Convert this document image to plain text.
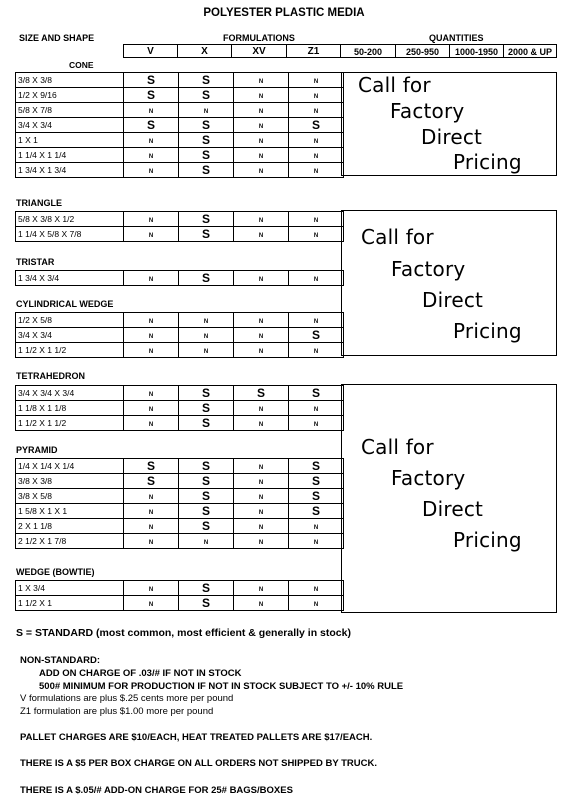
POLYESTER PLASTIC MEDIA
SIZE AND SHAPE	FORMULATIONS	QUANTITIES
V	X	XV	Z1	50-200	250-950	1000-1950	2000 & UP
CONE
3/8 X 3/8	S	S	N	N
1/2 X 9/16	S	S	N	N
5/8 X 7/8	N	N	N	N
3/4 X 3/4	S	S	N	S
1 X 1	N	S	N	N
1 1/4 X 1 1/4	N	S	N	N
1 3/4 X 1 3/4	N	S	N	N
TRIANGLE
5/8 X 3/8 X 1/2	N	S	N	N
1 1/4 X 5/8 X 7/8	N	S	N	N
TRISTAR
1 3/4 X 3/4	N	S	N	N
CYLINDRICAL WEDGE
1/2 X 5/8	N	N	N	N
3/4 X 3/4	N	N	N	S
1 1/2 X 1 1/2	N	N	N	N
TETRAHEDRON
3/4 X 3/4 X 3/4	N	S	S	S
1 1/8 X 1 1/8	N	S	N	N
1 1/2 X 1 1/2	N	S	N	N
PYRAMID
1/4 X 1/4 X 1/4	S	S	N	S
3/8 X 3/8	S	S	N	S
3/8 X 5/8	N	S	N	S
1 5/8 X 1 X 1	N	S	N	S
2 X 1 1/8	N	S	N	N
2 1/2 X 1 7/8	N	N	N	N
WEDGE (BOWTIE)
1 X 3/4	N	S	N	N
1 1/2 X 1	N	S	N	N
Call for
Factory
Direct
Pricing
Call for
Factory
Direct
Pricing
Call for
Factory
Direct
Pricing
S = STANDARD (most common, most efficient & generally in stock)
NON-STANDARD:
ADD ON CHARGE OF .03/# IF NOT IN STOCK
500# MINIMUM FOR PRODUCTION IF NOT IN STOCK SUBJECT TO +/- 10% RULE
V formulations are plus $.25 cents more per pound
Z1 formulation are plus $1.00 more per pound
PALLET CHARGES ARE $10/EACH, HEAT TREATED PALLETS ARE $17/EACH.
THERE IS A $5 PER BOX CHARGE ON ALL ORDERS NOT SHIPPED BY TRUCK.
THERE IS A $.05/# ADD-ON CHARGE FOR 25# BAGS/BOXES
